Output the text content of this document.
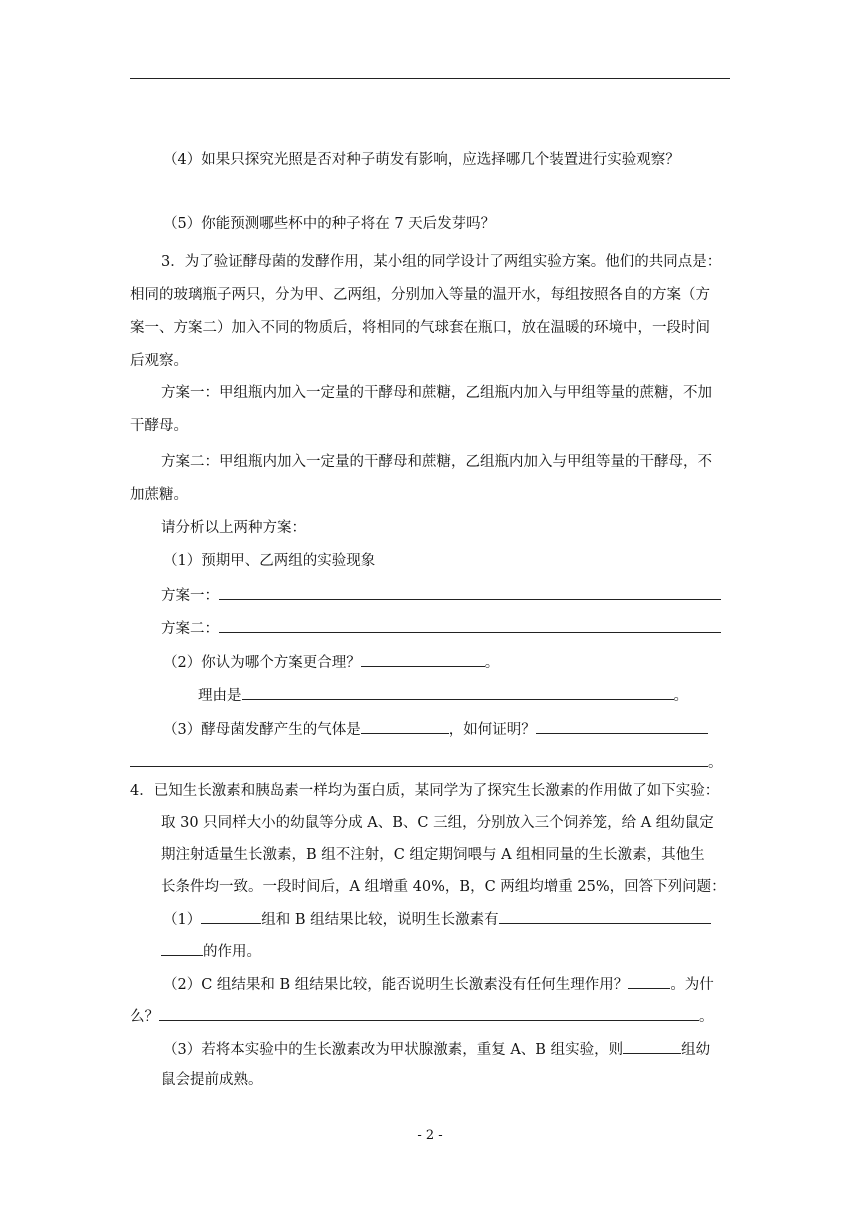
（4）如果只探究光照是否对种子萌发有影响，应选择哪几个装置进行实验观察？
（5）你能预测哪些杯中的种子将在 7 天后发芽吗？
3．为了验证酵母菌的发酵作用，某小组的同学设计了两组实验方案。他们的共同点是：
相同的玻璃瓶子两只，分为甲、乙两组，分别加入等量的温开水，每组按照各自的方案（方
案一、方案二）加入不同的物质后，将相同的气球套在瓶口，放在温暖的环境中，一段时间
后观察。
方案一：甲组瓶内加入一定量的干酵母和蔗糖，乙组瓶内加入与甲组等量的蔗糖，不加
干酵母。
方案二：甲组瓶内加入一定量的干酵母和蔗糖，乙组瓶内加入与甲组等量的干酵母，不
加蔗糖。
请分析以上两种方案：
（1）预期甲、乙两组的实验现象
方案一：
方案二：
（2）你认为哪个方案更合理？	。
理由是	。
（3）酵母菌发酵产生的气体是	，如何证明？
。
4．已知生长激素和胰岛素一样均为蛋白质，某同学为了探究生长激素的作用做了如下实验：
取 30 只同样大小的幼鼠等分成 A、B、C 三组，分别放入三个饲养笼，给 A 组幼鼠定
期注射适量生长激素，B 组不注射，C 组定期饲喂与 A 组相同量的生长激素，其他生
长条件均一致。一段时间后，A 组增重 40%，B，C 两组均增重 25%，回答下列问题：
（1）	组和 B 组结果比较，说明生长激素有
的作用。
（2）C 组结果和 B 组结果比较，能否说明生长激素没有任何生理作用？	。为什
么？	。
（3）若将本实验中的生长激素改为甲状腺激素，重复 A、B 组实验，则	组幼
鼠会提前成熟。
- 2 -
